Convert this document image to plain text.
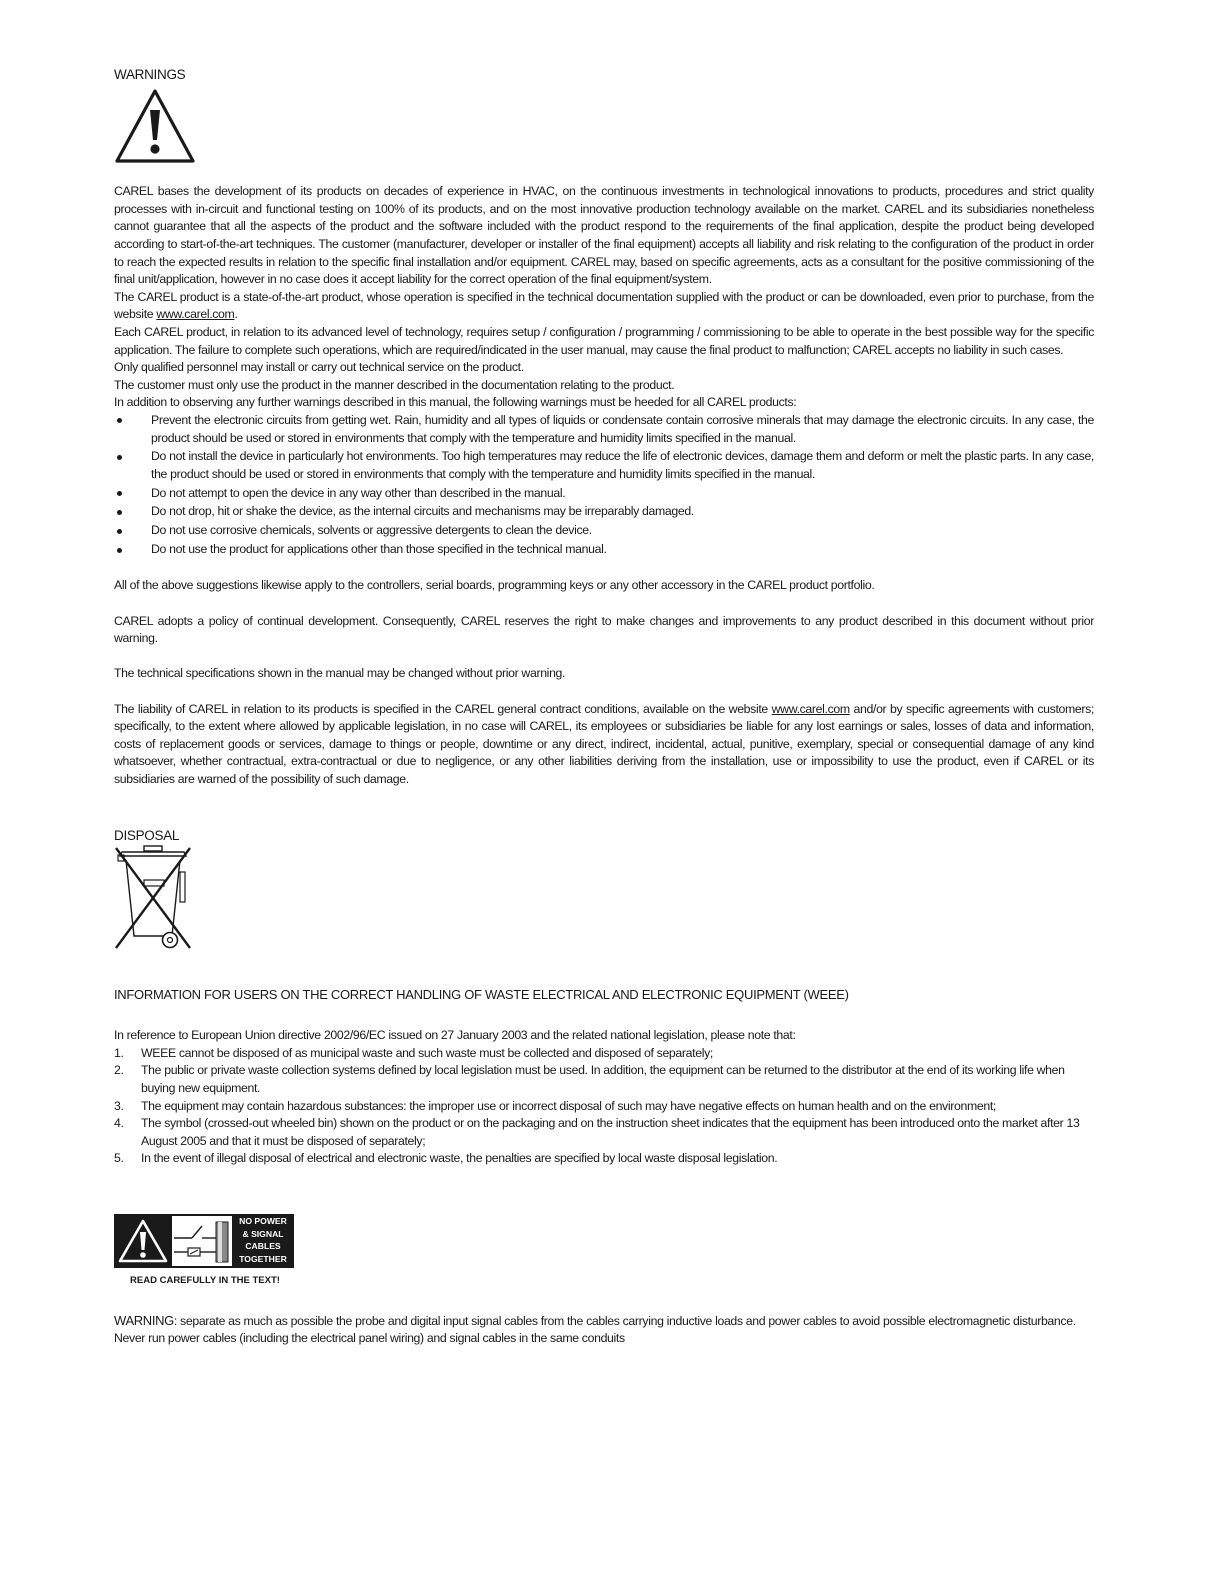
WARNINGS

CAREL bases the development of its products on decades of experience in HVAC, on the continuous investments in technological innovations to products, procedures and strict quality processes with in-circuit and functional testing on 100% of its products, and on the most innovative production technology available on the market. CAREL and its subsidiaries nonetheless cannot guarantee that all the aspects of the product and the software included with the product respond to the requirements of the final application, despite the product being developed according to start-of-the-art techniques. The customer (manufacturer, developer or installer of the final equipment) accepts all liability and risk relating to the configuration of the product in order to reach the expected results in relation to the specific final installation and/or equipment. CAREL may, based on specific agreements, acts as a consultant for the positive commissioning of the final unit/application, however in no case does it accept liability for the correct operation of the final equipment/system.

The CAREL product is a state-of-the-art product, whose operation is specified in the technical documentation supplied with the product or can be downloaded, even prior to purchase, from the website www.carel.com.

Each CAREL product, in relation to its advanced level of technology, requires setup / configuration / programming / commissioning to be able to operate in the best possible way for the specific application. The failure to complete such operations, which are required/indicated in the user manual, may cause the final product to malfunction; CAREL accepts no liability in such cases.

Only qualified personnel may install or carry out technical service on the product.

The customer must only use the product in the manner described in the documentation relating to the product.

In addition to observing any further warnings described in this manual, the following warnings must be heeded for all CAREL products:

Prevent the electronic circuits from getting wet. Rain, humidity and all types of liquids or condensate contain corrosive minerals that may damage the electronic circuits. In any case, the product should be used or stored in environments that comply with the temperature and humidity limits specified in the manual.
Do not install the device in particularly hot environments. Too high temperatures may reduce the life of electronic devices, damage them and deform or melt the plastic parts. In any case, the product should be used or stored in environments that comply with the temperature and humidity limits specified in the manual.
Do not attempt to open the device in any way other than described in the manual.
Do not drop, hit or shake the device, as the internal circuits and mechanisms may be irreparably damaged.
Do not use corrosive chemicals, solvents or aggressive detergents to clean the device.
Do not use the product for applications other than those specified in the technical manual.

All of the above suggestions likewise apply to the controllers, serial boards, programming keys or any other accessory in the CAREL product portfolio.

CAREL adopts a policy of continual development. Consequently, CAREL reserves the right to make changes and improvements to any product described in this document without prior warning.

The technical specifications shown in the manual may be changed without prior warning.

The liability of CAREL in relation to its products is specified in the CAREL general contract conditions, available on the website www.carel.com and/or by specific agreements with customers; specifically, to the extent where allowed by applicable legislation, in no case will CAREL, its employees or subsidiaries be liable for any lost earnings or sales, losses of data and information, costs of replacement goods or services, damage to things or people, downtime or any direct, indirect, incidental, actual, punitive, exemplary, special or consequential damage of any kind whatsoever, whether contractual, extra-contractual or due to negligence, or any other liabilities deriving from the installation, use or impossibility to use the product, even if CAREL or its subsidiaries are warned of the possibility of such damage.

DISPOSAL
INFORMATION FOR USERS ON THE CORRECT HANDLING OF WASTE ELECTRICAL AND ELECTRONIC EQUIPMENT (WEEE)

In reference to European Union directive 2002/96/EC issued on 27 January 2003 and the related national legislation, please note that:

1. WEEE cannot be disposed of as municipal waste and such waste must be collected and disposed of separately;
2. The public or private waste collection systems defined by local legislation must be used. In addition, the equipment can be returned to the distributor at the end of its working life when buying new equipment.
3. The equipment may contain hazardous substances: the improper use or incorrect disposal of such may have negative effects on human health and on the environment;
4. The symbol (crossed-out wheeled bin) shown on the product or on the packaging and on the instruction sheet indicates that the equipment has been introduced onto the market after 13 August 2005 and that it must be disposed of separately;
5. In the event of illegal disposal of electrical and electronic waste, the penalties are specified by local waste disposal legislation.
NO POWER
& SIGNAL
CABLES
TOGETHER
READ CAREFULLY IN THE TEXT!

WARNING: separate as much as possible the probe and digital input signal cables from the cables carrying inductive loads and power cables to avoid possible electromagnetic disturbance.
Never run power cables (including the electrical panel wiring) and signal cables in the same conduits
